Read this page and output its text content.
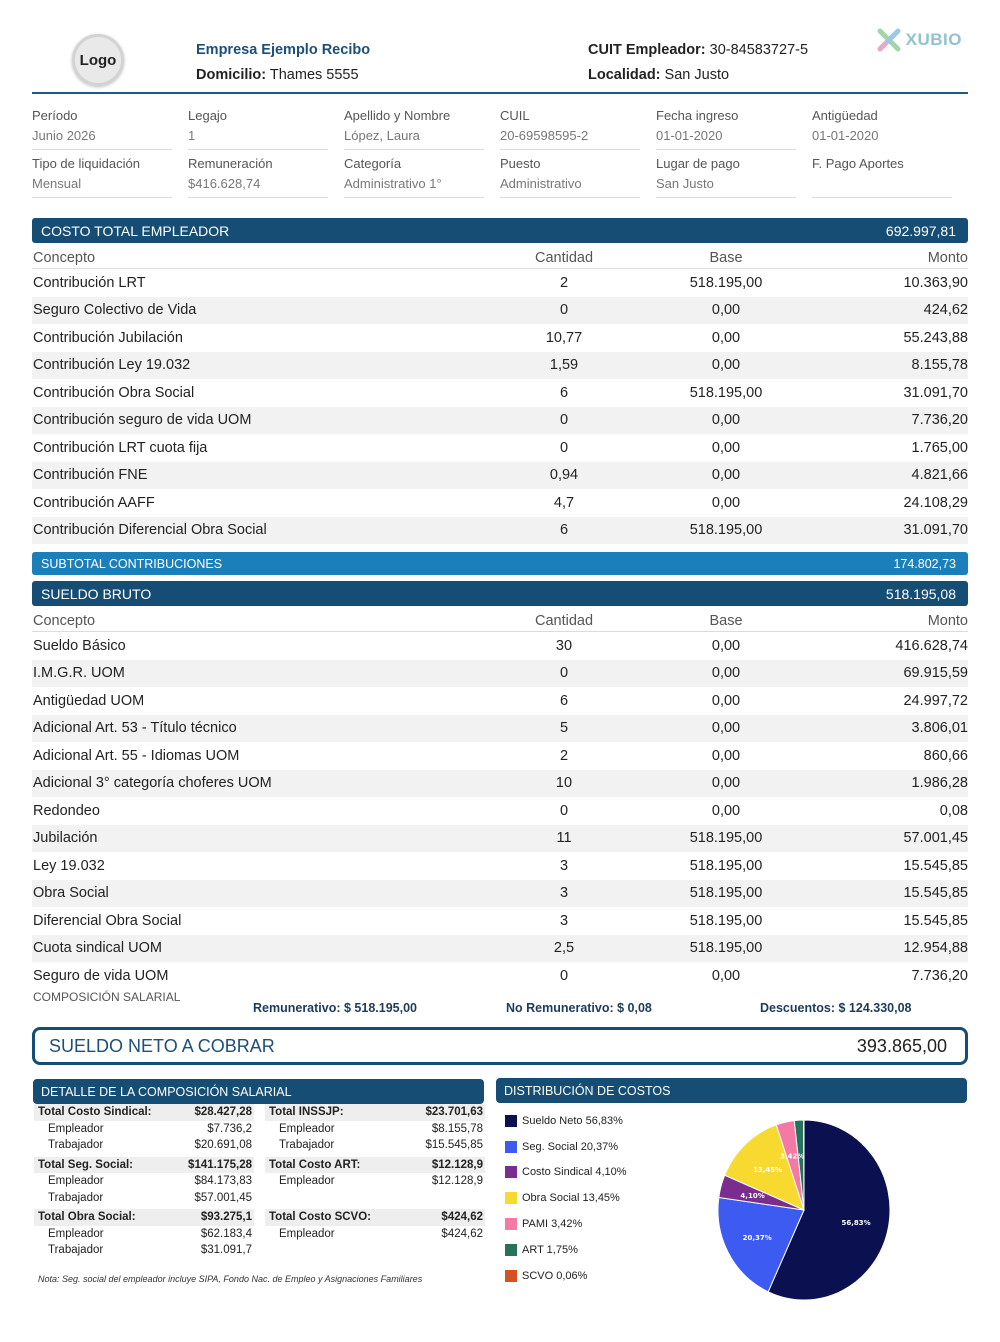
Logo
Empresa Ejemplo Recibo
Domicilio: Thames 5555
CUIT Empleador: 30-84583727-5
Localidad: San Justo
XUBIO
Período
Junio 2026
Legajo
1
Apellido y Nombre
López, Laura
CUIL
20-69598595-2
Fecha ingreso
01-01-2020
Antigüedad
01-01-2020
Tipo de liquidación
Mensual
Remuneración
$416.628,74
Categoría
Administrativo 1°
Puesto
Administrativo
Lugar de pago
San Justo
F. Pago Aportes
COSTO TOTAL EMPLEADOR	692.997,81
Concepto	Cantidad	Base	Monto
Contribución LRT	2	518.195,00	10.363,90
Seguro Colectivo de Vida	0	0,00	424,62
Contribución Jubilación	10,77	0,00	55.243,88
Contribución Ley 19.032	1,59	0,00	8.155,78
Contribución Obra Social	6	518.195,00	31.091,70
Contribución seguro de vida UOM	0	0,00	7.736,20
Contribución LRT cuota fija	0	0,00	1.765,00
Contribución FNE	0,94	0,00	4.821,66
Contribución AAFF	4,7	0,00	24.108,29
Contribución Diferencial Obra Social	6	518.195,00	31.091,70
SUBTOTAL CONTRIBUCIONES	174.802,73
SUELDO BRUTO	518.195,08
Concepto	Cantidad	Base	Monto
Sueldo Básico	30	0,00	416.628,74
I.M.G.R. UOM	0	0,00	69.915,59
Antigüedad UOM	6	0,00	24.997,72
Adicional Art. 53 - Título técnico	5	0,00	3.806,01
Adicional Art. 55 - Idiomas UOM	2	0,00	860,66
Adicional 3° categoría choferes UOM	10	0,00	1.986,28
Redondeo	0	0,00	0,08
Jubilación	11	518.195,00	57.001,45
Ley 19.032	3	518.195,00	15.545,85
Obra Social	3	518.195,00	15.545,85
Diferencial Obra Social	3	518.195,00	15.545,85
Cuota sindical UOM	2,5	518.195,00	12.954,88
Seguro de vida UOM	0	0,00	7.736,20
COMPOSICIÓN SALARIAL
Remunerativo: $ 518.195,00	No Remunerativo: $ 0,08	Descuentos: $ 124.330,08
SUELDO NETO A COBRAR	393.865,00
DETALLE DE LA COMPOSICIÓN SALARIAL
Total Costo Sindical:	$28.427,28
Empleador	$7.736,2
Trabajador	$20.691,08
Total Seg. Social:	$141.175,28
Empleador	$84.173,83
Trabajador	$57.001,45
Total Obra Social:	$93.275,1
Empleador	$62.183,4
Trabajador	$31.091,7
Total INSSJP:	$23.701,63
Empleador	$8.155,78
Trabajador	$15.545,85
Total Costo ART:	$12.128,9
Empleador	$12.128,9
Total Costo SCVO:	$424,62
Empleador	$424,62
Nota: Seg. social del empleador incluye SIPA, Fondo Nac. de Empleo y Asignaciones Familiares
DISTRIBUCIÓN DE COSTOS
Sueldo Neto 56,83%
Seg. Social 20,37%
Costo Sindical 4,10%
Obra Social 13,45%
PAMI 3,42%
ART 1,75%
SCVO 0,06%
56,83%
20,37%
4,10%
13,45%
3,42%
